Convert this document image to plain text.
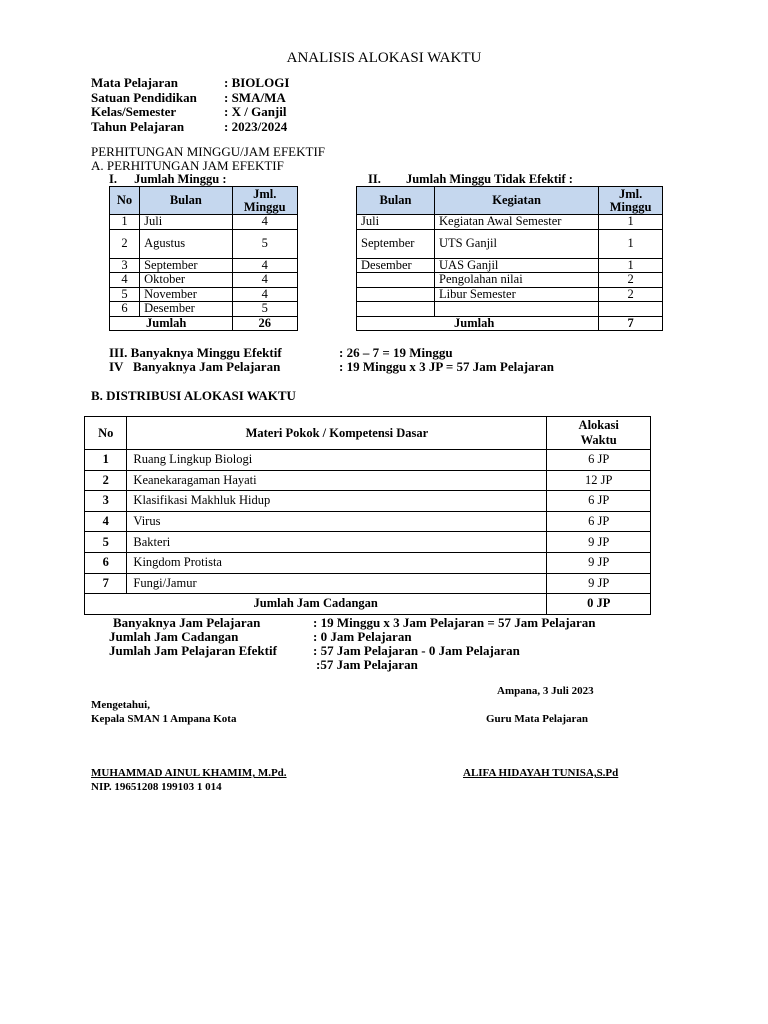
ANALISIS ALOKASI WAKTU
Mata Pelajaran	: BIOLOGI
Satuan Pendidikan	: SMA/MA
Kelas/Semester	: X / Ganjil
Tahun Pelajaran	: 2023/2024
PERHITUNGAN MINGGU/JAM EFEKTIF
A. PERHITUNGAN JAM EFEKTIF
I. Jumlah Minggu :	II. Jumlah Minggu Tidak Efektif :
No	Bulan	Jml. Minggu
1	Juli	4
2	Agustus	5
3	September	4
4	Oktober	4
5	November	4
6	Desember	5
Jumlah		26
Bulan	Kegiatan	Jml. Minggu
Juli	Kegiatan Awal Semester	1
September	UTS Ganjil	1
Desember	UAS Ganjil	1
	Pengolahan nilai	2
	Libur Semester	2

Jumlah		7
III. Banyaknya Minggu Efektif	: 26 – 7 = 19 Minggu
IV   Banyaknya Jam Pelajaran	: 19 Minggu x 3 JP = 57 Jam Pelajaran
B. DISTRIBUSI ALOKASI WAKTU
No	Materi Pokok / Kompetensi Dasar	Alokasi Waktu
1	Ruang Lingkup Biologi	6 JP
2	Keanekaragaman Hayati	12 JP
3	Klasifikasi Makhluk Hidup	6 JP
4	Virus	6 JP
5	Bakteri	9 JP
6	Kingdom Protista	9 JP
7	Fungi/Jamur	9 JP
Jumlah Jam Cadangan		0 JP
Banyaknya Jam Pelajaran	: 19 Minggu x 3 Jam Pelajaran = 57 Jam Pelajaran
Jumlah Jam Cadangan	: 0 Jam Pelajaran
Jumlah Jam Pelajaran Efektif	: 57 Jam Pelajaran - 0 Jam Pelajaran
:57 Jam Pelajaran
Ampana, 3 Juli 2023
Mengetahui,
Kepala SMAN 1 Ampana Kota	Guru Mata Pelajaran
MUHAMMAD AINUL KHAMIM, M.Pd.
NIP. 19651208 199103 1 014
ALIFA HIDAYAH TUNISA,S.Pd
